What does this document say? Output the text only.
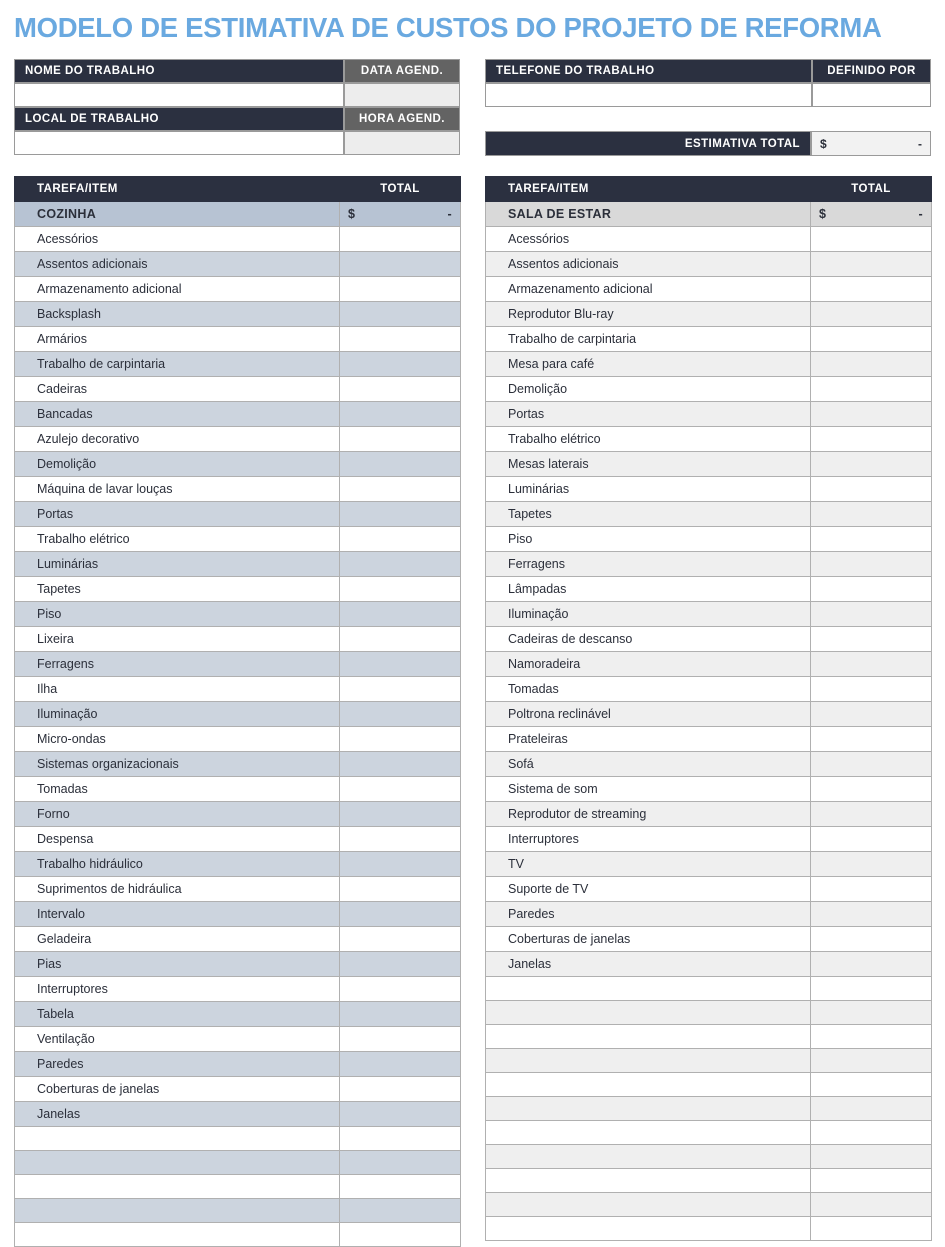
MODELO DE ESTIMATIVA DE CUSTOS DO PROJETO DE REFORMA
NOME DO TRABALHO	DATA AGEND.
LOCAL DE TRABALHO	HORA AGEND.
TELEFONE DO TRABALHO	DEFINIDO POR
ESTIMATIVA TOTAL	$	-
TAREFA/ITEM	TOTAL
COZINHA	$ -

Acessórios	
Assentos adicionais	
Armazenamento adicional	
Backsplash	
Armários	
Trabalho de carpintaria	
Cadeiras	
Bancadas	
Azulejo decorativo	
Demolição	
Máquina de lavar louças	
Portas	
Trabalho elétrico	
Luminárias	
Tapetes	
Piso	
Lixeira	
Ferragens	
Ilha	
Iluminação	
Micro-ondas	
Sistemas organizacionais	
Tomadas	
Forno	
Despensa	
Trabalho hidráulico	
Suprimentos de hidráulica	
Intervalo	
Geladeira	
Pias	
Interruptores	
Tabela	
Ventilação	
Paredes	
Coberturas de janelas	
Janelas	

TAREFA/ITEM	TOTAL
SALA DE ESTAR	$ -

Acessórios	
Assentos adicionais	
Armazenamento adicional	
Reprodutor Blu-ray	
Trabalho de carpintaria	
Mesa para café	
Demolição	
Portas	
Trabalho elétrico	
Mesas laterais	
Luminárias	
Tapetes	
Piso	
Ferragens	
Lâmpadas	
Iluminação	
Cadeiras de descanso	
Namoradeira	
Tomadas	
Poltrona reclinável	
Prateleiras	
Sofá	
Sistema de som	
Reprodutor de streaming	
Interruptores	
TV	
Suporte de TV	
Paredes	
Coberturas de janelas	
Janelas	
